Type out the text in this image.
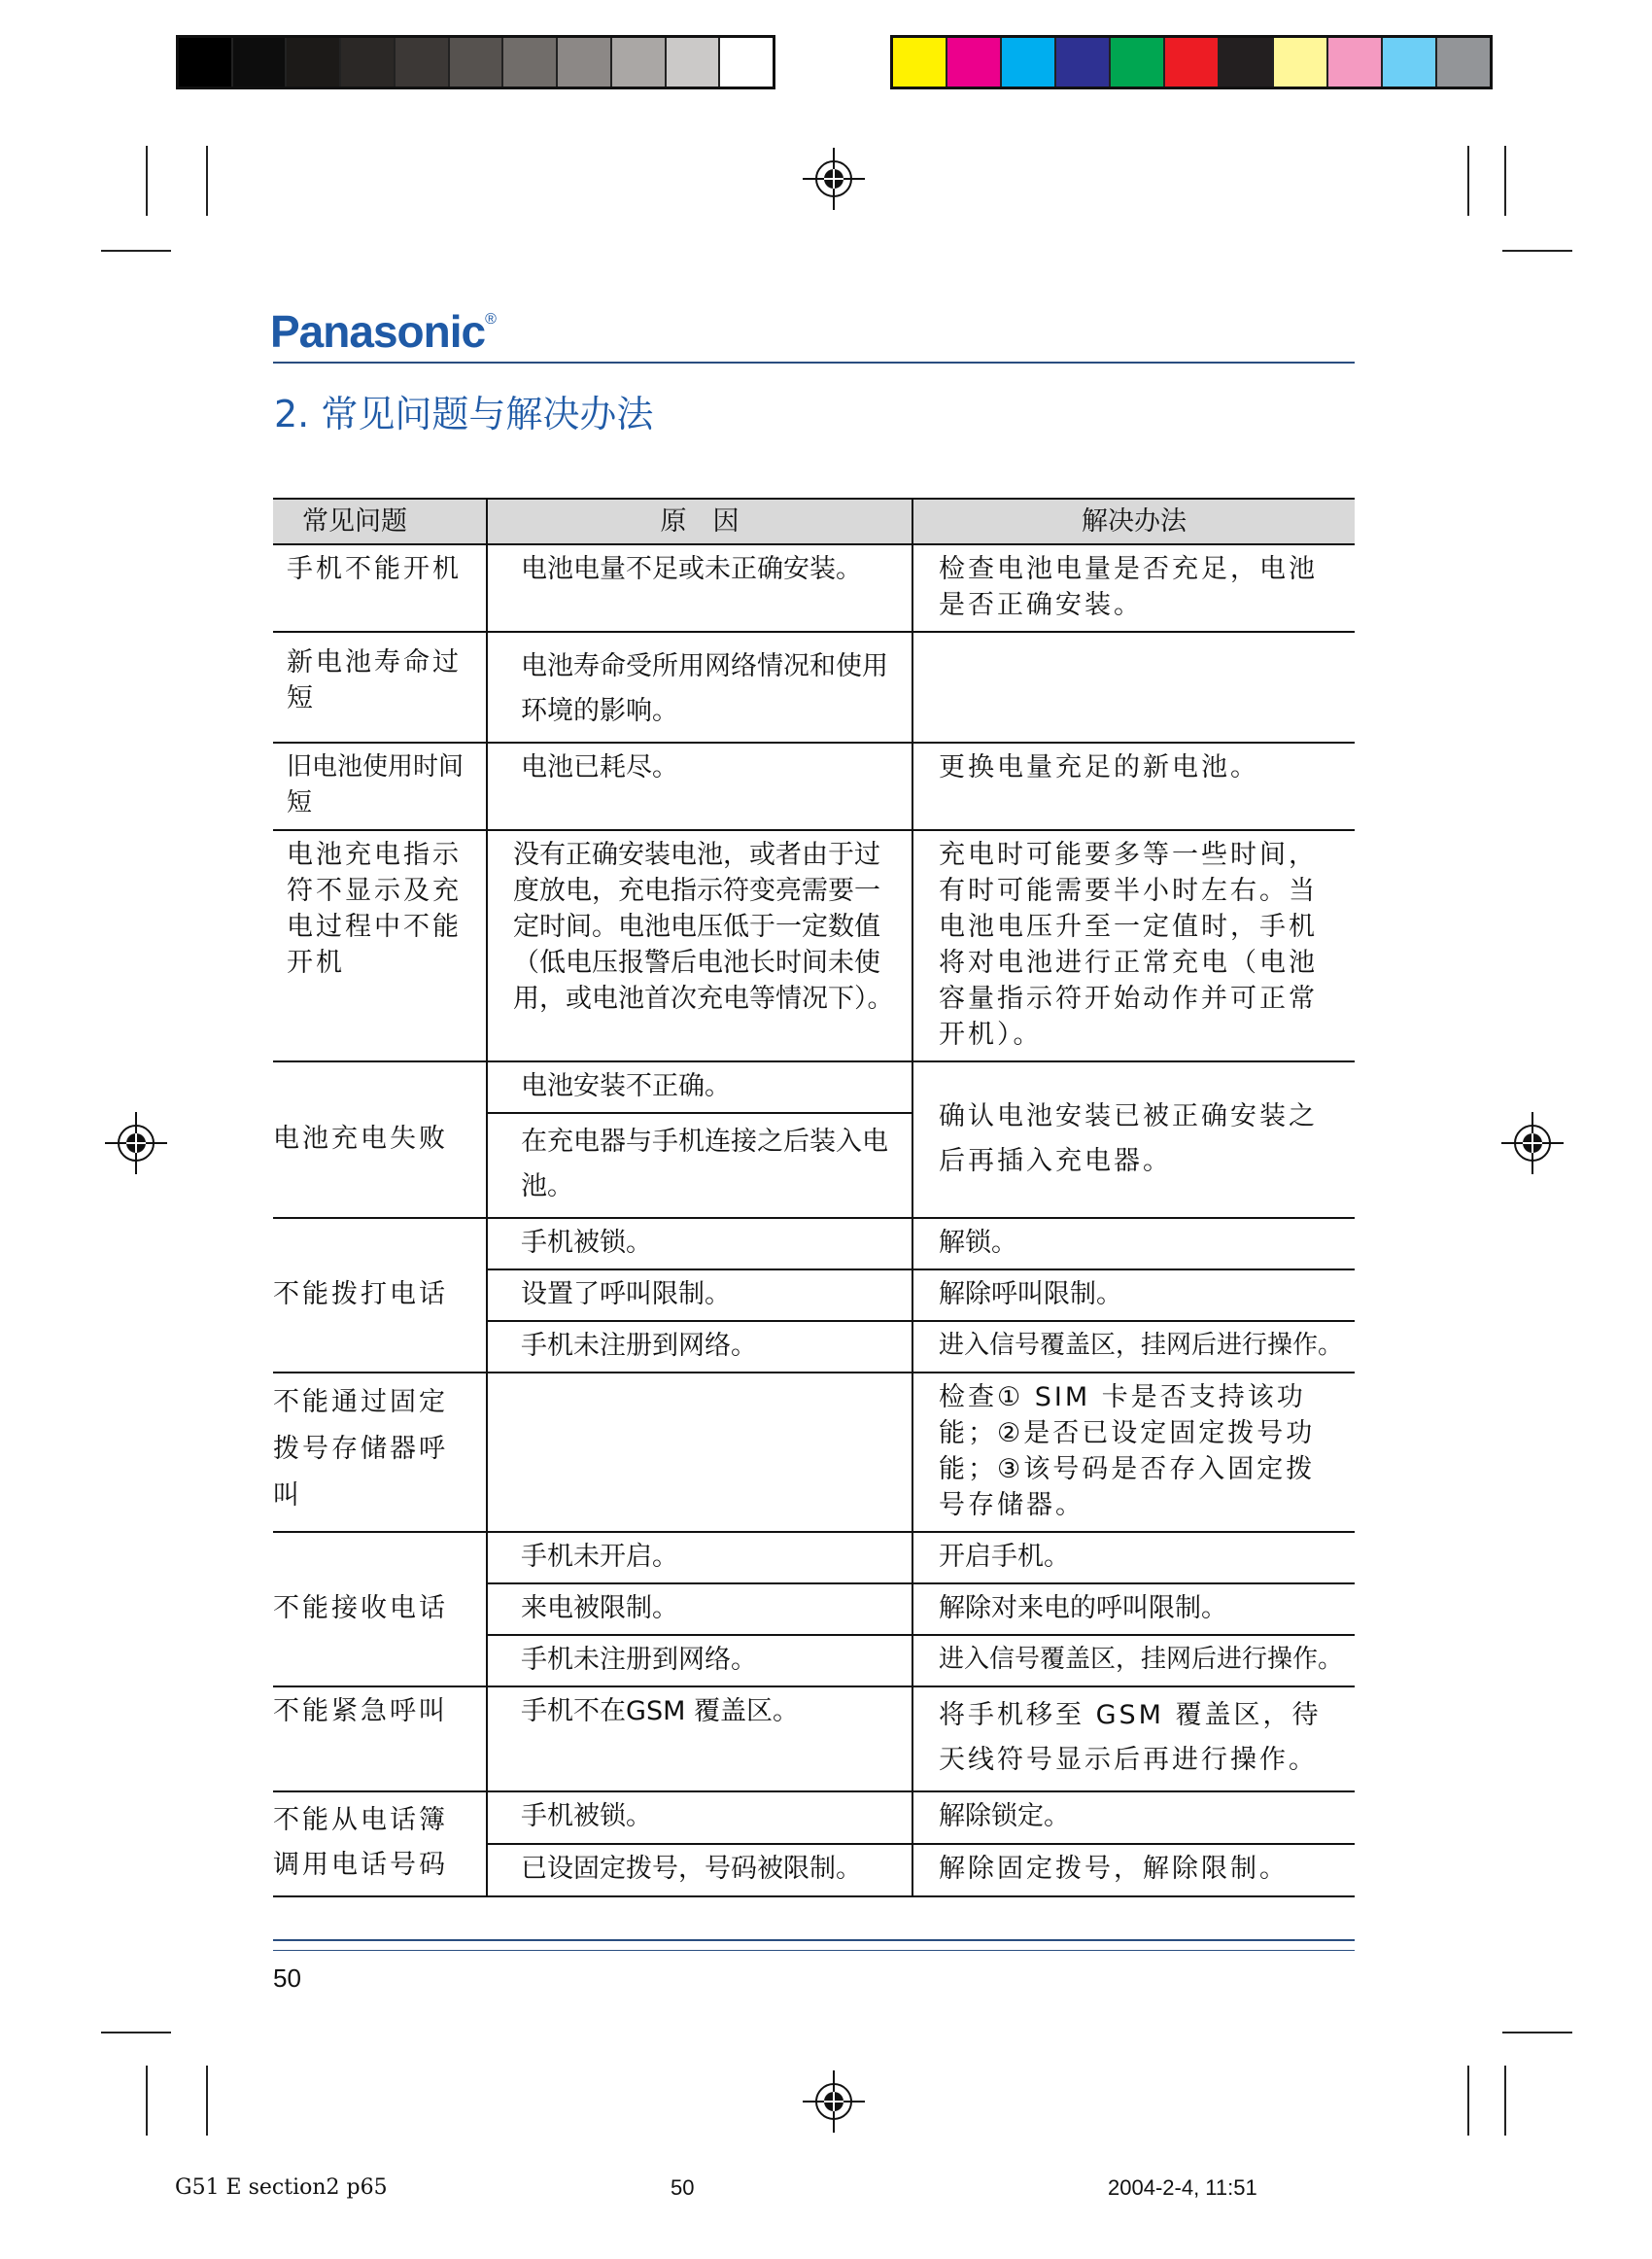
Panasonic®
2. 常见问题与解决办法
常见问题	原　因	解决办法
手机不能开机	电池电量不足或未正确安装。	检查电池电量是否充足，电池是否正确安装。
新电池寿命过短	电池寿命受所用网络情况和使用环境的影响。	
旧电池使用时间短	电池已耗尽。	更换电量充足的新电池。
电池充电指示符不显示及充电过程中不能开机	没有正确安装电池，或者由于过度放电，充电指示符变亮需要一定时间。电池电压低于一定数值（低电压报警后电池长时间未使用，或电池首次充电等情况下）。	充电时可能要多等一些时间，有时可能需要半小时左右。当电池电压升至一定值时，手机将对电池进行正常充电（电池容量指示符开始动作并可正常开机）。
电池充电失败	电池安装不正确。	确认电池安装已被正确安装之后再插入充电器。
	在充电器与手机连接之后装入电池。	
不能拨打电话	手机被锁。	解锁。
	设置了呼叫限制。	解除呼叫限制。
	手机未注册到网络。	进入信号覆盖区，挂网后进行操作。
不能通过固定拨号存储器呼叫		检查① SIM 卡是否支持该功能；②是否已设定固定拨号功能；③该号码是否存入固定拨号存储器。
不能接收电话	手机未开启。	开启手机。
	来电被限制。	解除对来电的呼叫限制。
	手机未注册到网络。	进入信号覆盖区，挂网后进行操作。
不能紧急呼叫	手机不在GSM 覆盖区。	将手机移至 GSM 覆盖区，待天线符号显示后再进行操作。
不能从电话簿调用电话号码	手机被锁。	解除锁定。
	已设固定拨号，号码被限制。	解除固定拨号，解除限制。
50
G51 E section2 p65	50	2004-2-4, 11:51
